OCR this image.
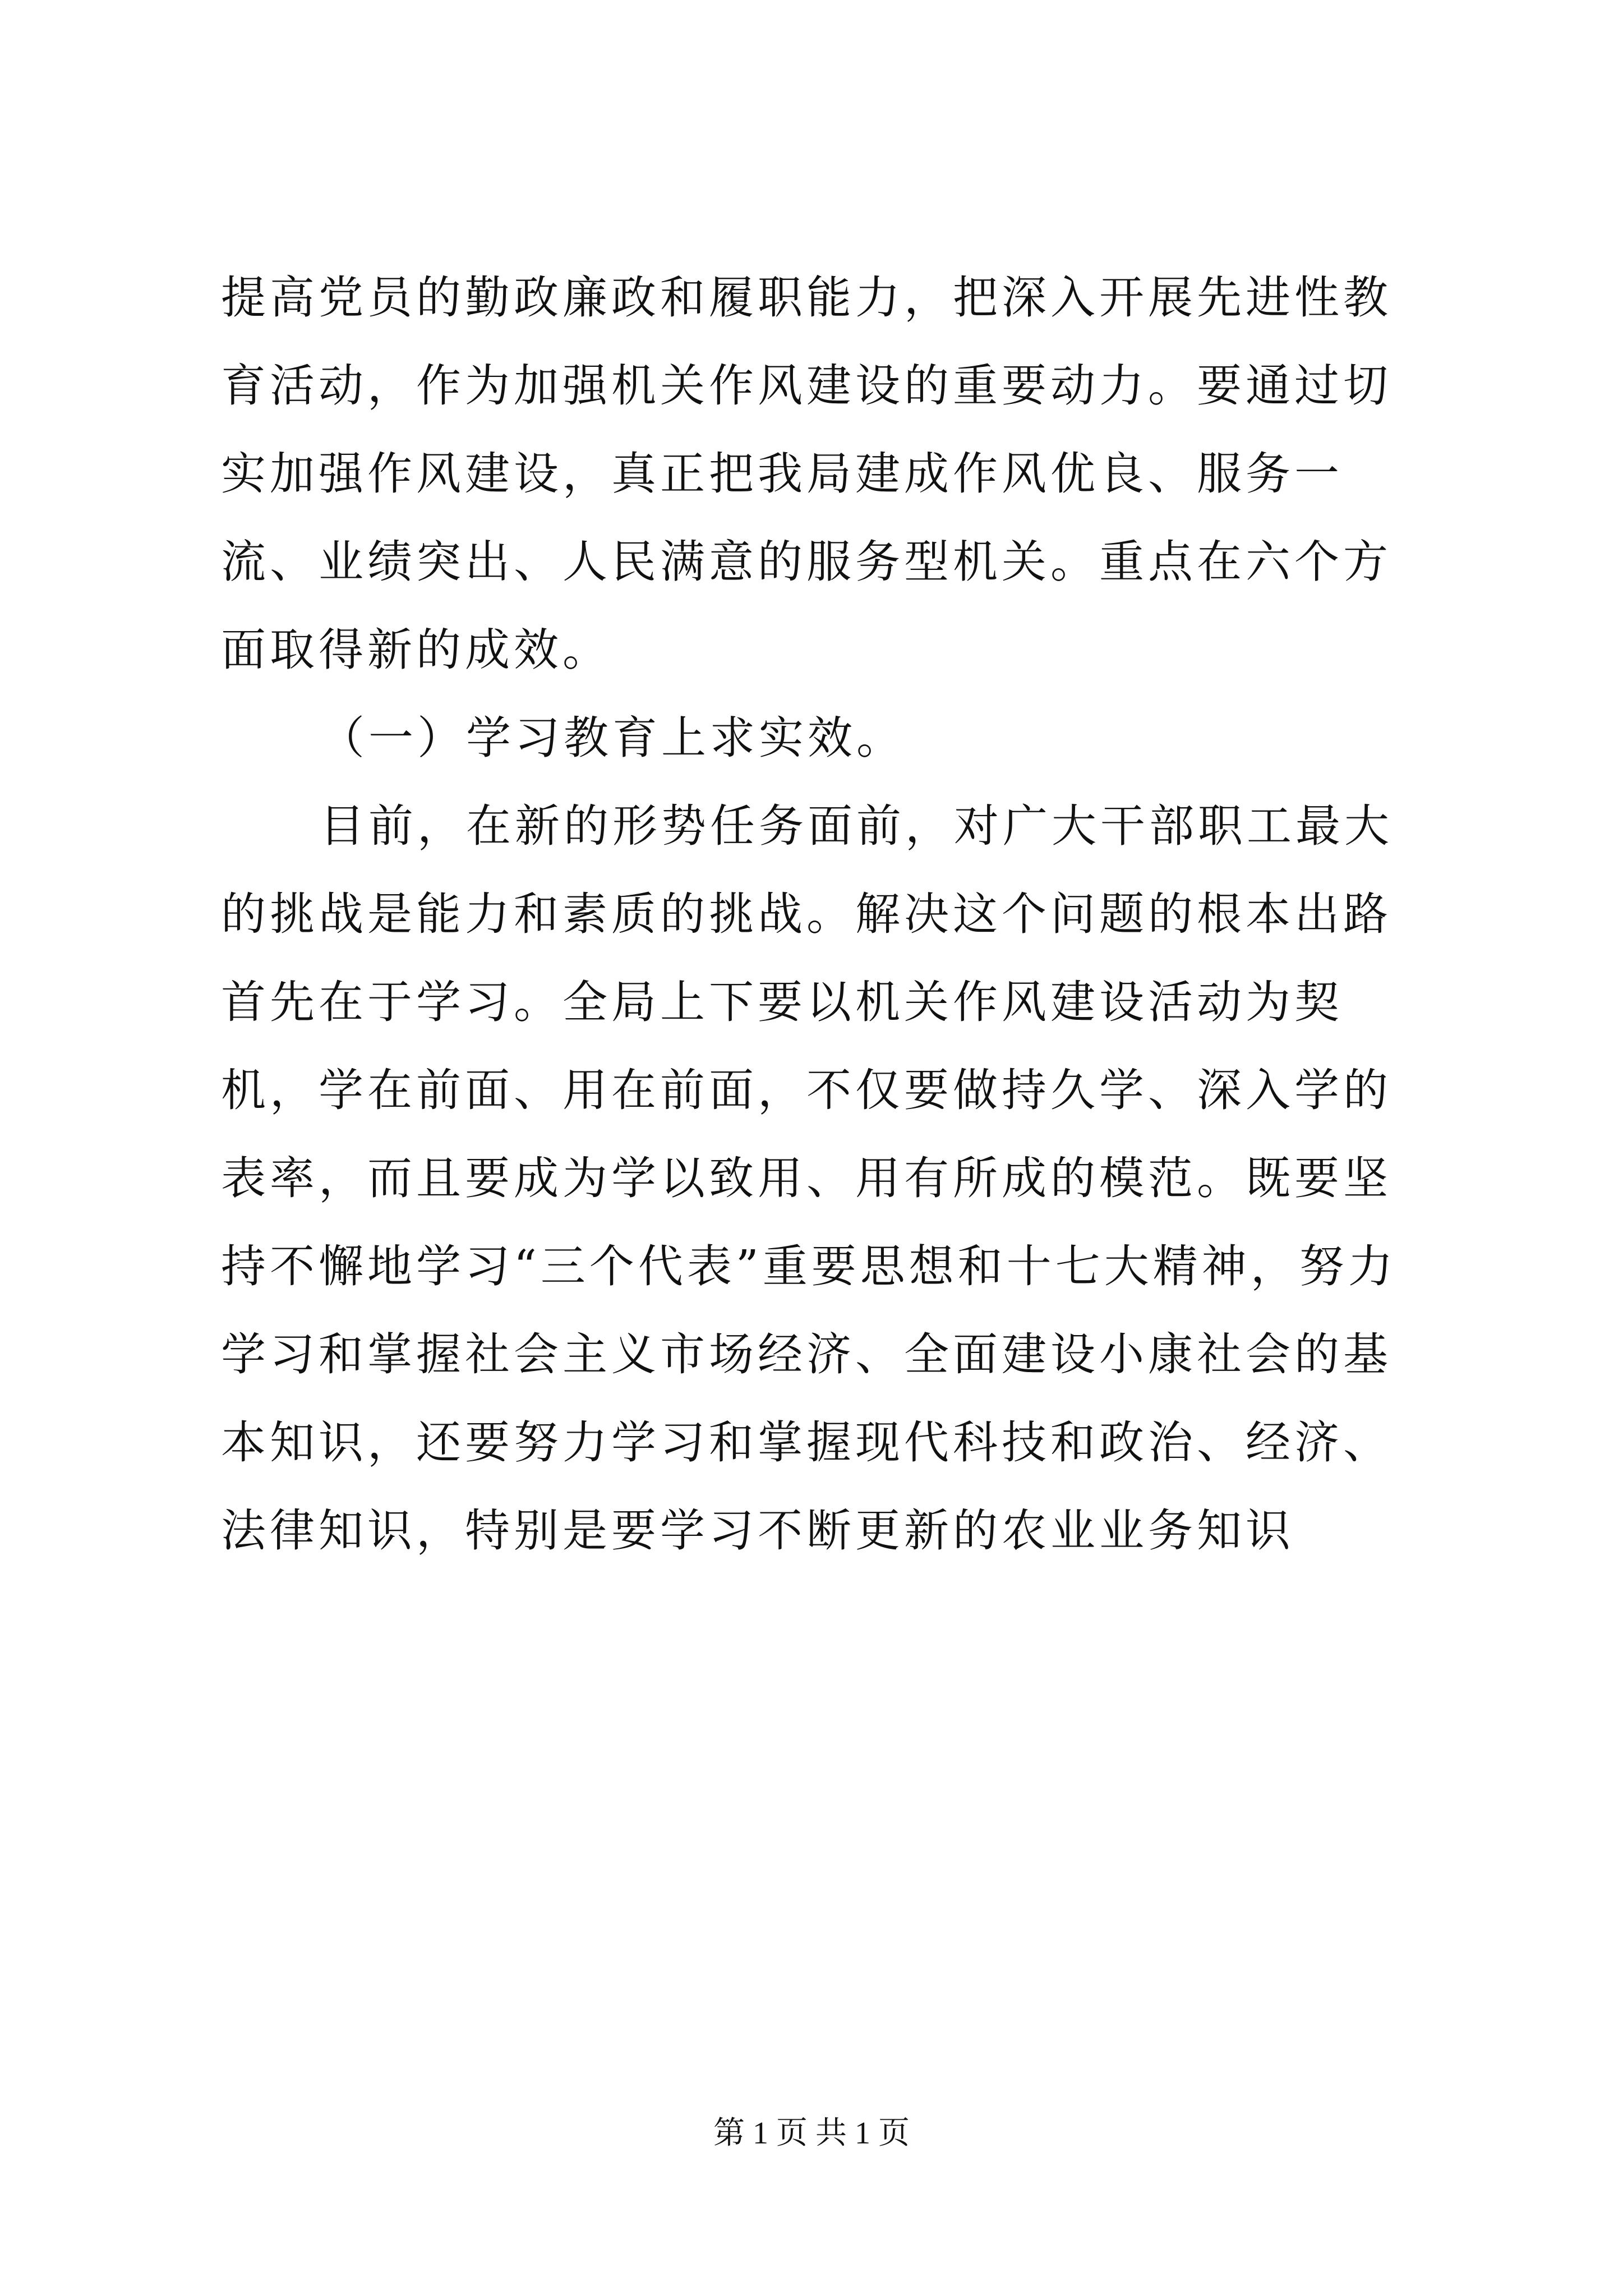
提高党员的勤政廉政和履职能力，把深入开展先进性教育活动，作为加强机关作风建设的重要动力。要通过切实加强作风建设，真正把我局建成作风优良、服务一流、业绩突出、人民满意的服务型机关。重点在六个方面取得新的成效。

（一）学习教育上求实效。

目前，在新的形势任务面前，对广大干部职工最大的挑战是能力和素质的挑战。解决这个问题的根本出路首先在于学习。全局上下要以机关作风建设活动为契机，学在前面、用在前面，不仅要做持久学、深入学的表率，而且要成为学以致用、用有所成的模范。既要坚持不懈地学习“三个代表”重要思想和十七大精神，努力学习和掌握社会主义市场经济、全面建设小康社会的基本知识，还要努力学习和掌握现代科技和政治、经济、法律知识，特别是要学习不断更新的农业业务知识

第 1 页 共 1 页
